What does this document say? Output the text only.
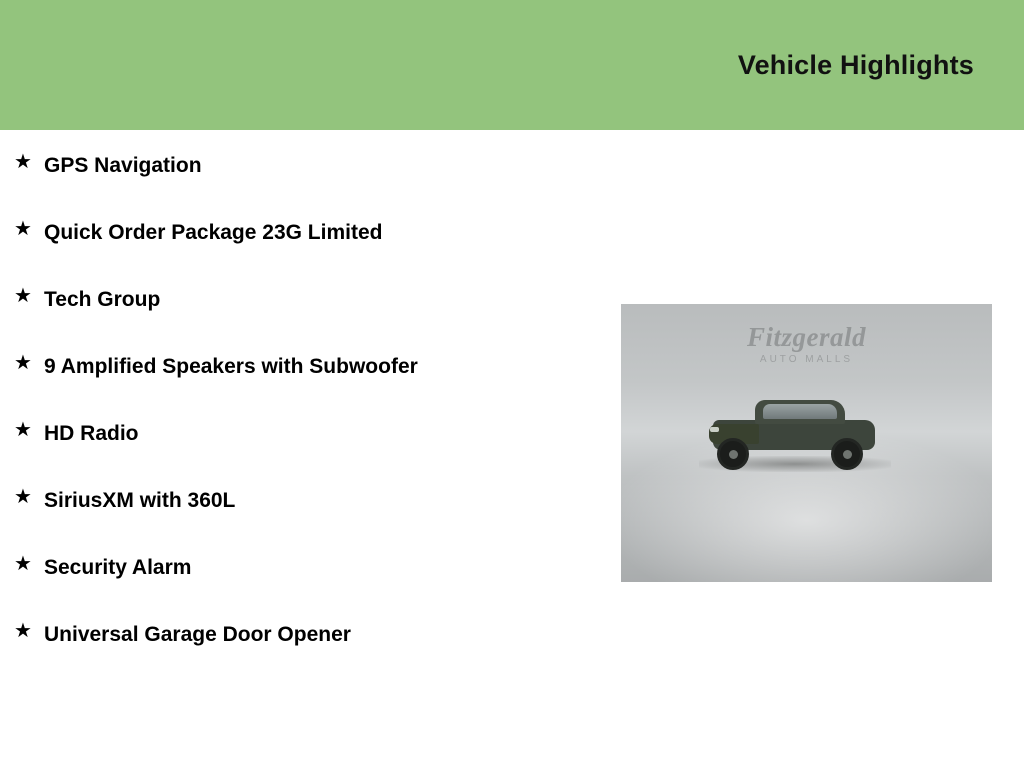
Vehicle Highlights
★ GPS Navigation
★ Quick Order Package 23G Limited
★ Tech Group
★ 9 Amplified Speakers with Subwoofer
★ HD Radio
★ SiriusXM with 360L
★ Security Alarm
★ Universal Garage Door Opener
Fitzgerald
AUTO MALLS
